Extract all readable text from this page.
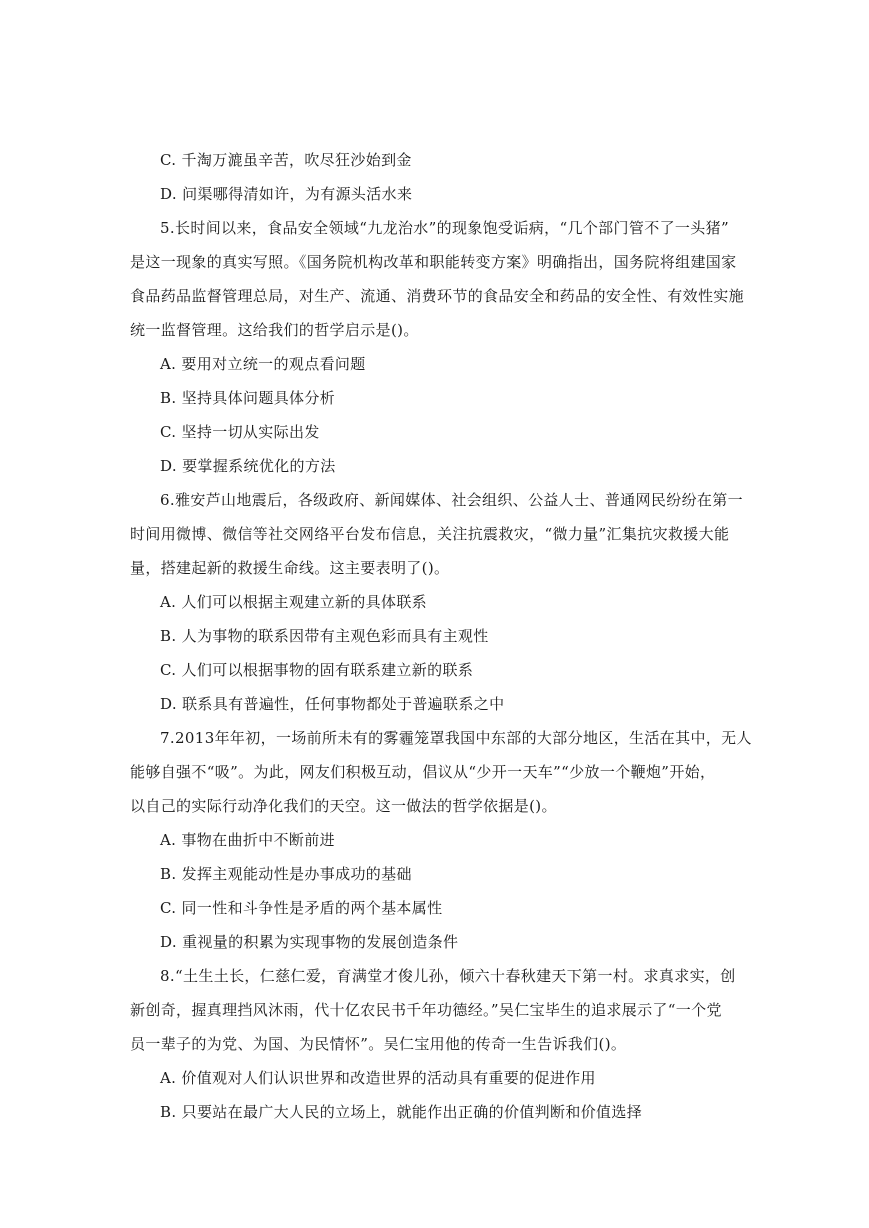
C. 千淘万漉虽辛苦，吹尽狂沙始到金
D. 问渠哪得清如许，为有源头活水来
5.长时间以来，食品安全领域“九龙治水”的现象饱受诟病，“几个部门管不了一头猪”
是这一现象的真实写照。《国务院机构改革和职能转变方案》明确指出，国务院将组建国家
食品药品监督管理总局，对生产、流通、消费环节的食品安全和药品的安全性、有效性实施
统一监督管理。这给我们的哲学启示是()。
A. 要用对立统一的观点看问题
B. 坚持具体问题具体分析
C. 坚持一切从实际出发
D. 要掌握系统优化的方法
6.雅安芦山地震后，各级政府、新闻媒体、社会组织、公益人士、普通网民纷纷在第一
时间用微博、微信等社交网络平台发布信息，关注抗震救灾，“微力量”汇集抗灾救援大能
量，搭建起新的救援生命线。这主要表明了()。
A. 人们可以根据主观建立新的具体联系
B. 人为事物的联系因带有主观色彩而具有主观性
C. 人们可以根据事物的固有联系建立新的联系
D. 联系具有普遍性，任何事物都处于普遍联系之中
7.2013年年初，一场前所未有的雾霾笼罩我国中东部的大部分地区，生活在其中，无人
能够自强不“吸”。为此，网友们积极互动，倡议从“少开一天车”“少放一个鞭炮”开始，
以自己的实际行动净化我们的天空。这一做法的哲学依据是()。
A. 事物在曲折中不断前进
B. 发挥主观能动性是办事成功的基础
C. 同一性和斗争性是矛盾的两个基本属性
D. 重视量的积累为实现事物的发展创造条件
8.“土生土长，仁慈仁爱，育满堂才俊儿孙，倾六十春秋建天下第一村。求真求实，创
新创奇，握真理挡风沐雨，代十亿农民书千年功德经。”吴仁宝毕生的追求展示了“一个党
员一辈子的为党、为国、为民情怀”。吴仁宝用他的传奇一生告诉我们()。
A. 价值观对人们认识世界和改造世界的活动具有重要的促进作用
B. 只要站在最广大人民的立场上，就能作出正确的价值判断和价值选择
